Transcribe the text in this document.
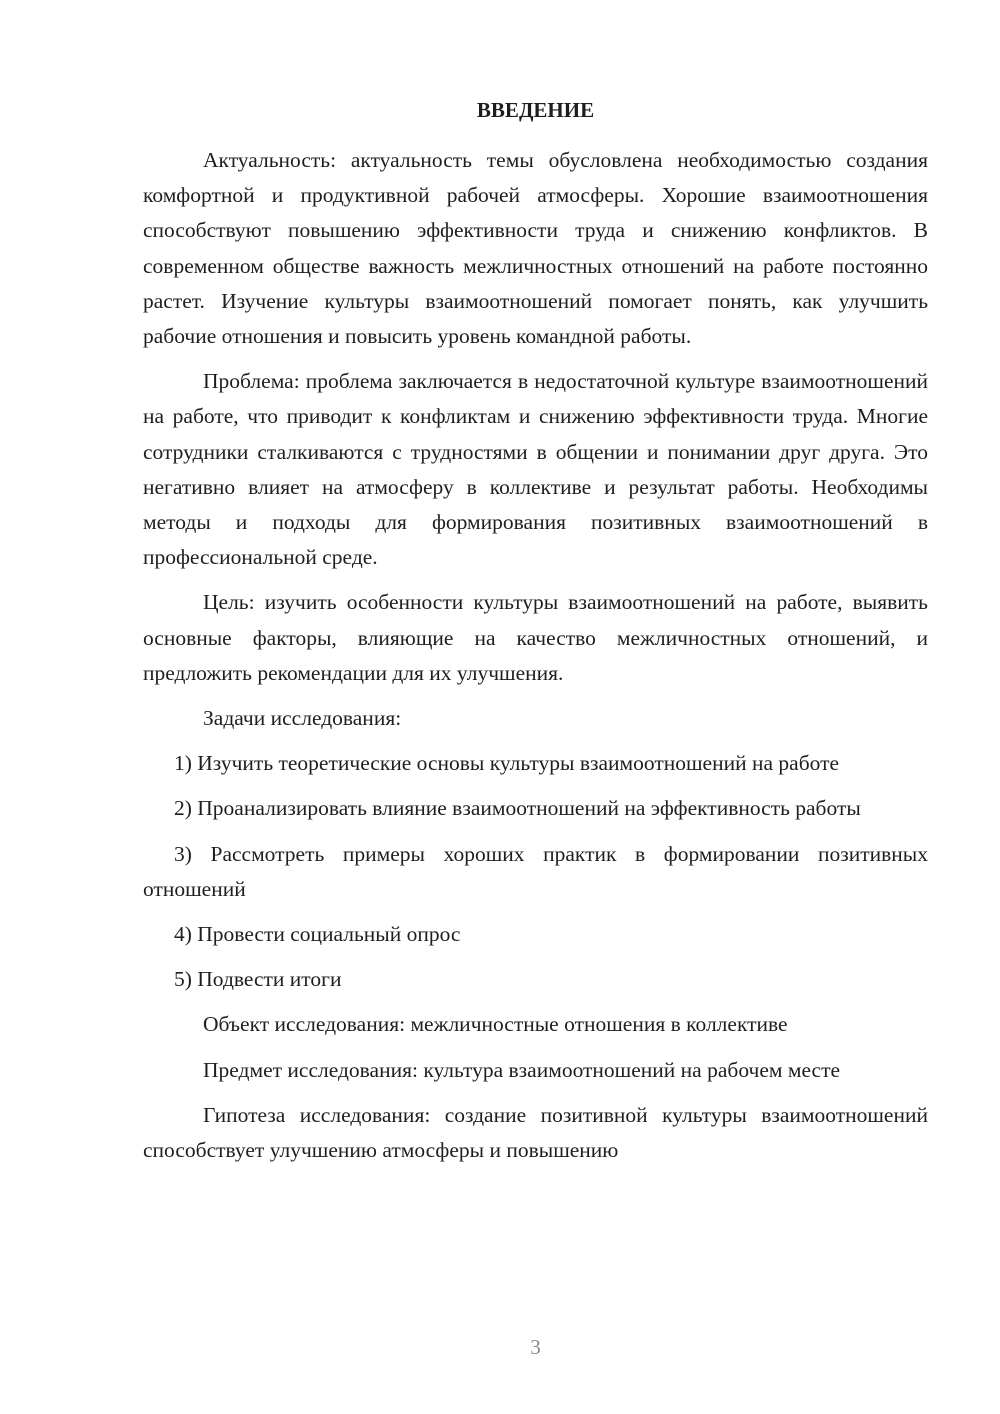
ВВЕДЕНИЕ

Актуальность: актуальность темы обусловлена необходимостью создания комфортной и продуктивной рабочей атмосферы. Хорошие взаимоотношения способствуют повышению эффективности труда и снижению конфликтов. В современном обществе важность межличностных отношений на работе постоянно растет. Изучение культуры взаимоотношений помогает понять, как улучшить рабочие отношения и повысить уровень командной работы.

Проблема: проблема заключается в недостаточной культуре взаимоотношений на работе, что приводит к конфликтам и снижению эффективности труда. Многие сотрудники сталкиваются с трудностями в общении и понимании друг друга. Это негативно влияет на атмосферу в коллективе и результат работы. Необходимы методы и подходы для формирования позитивных взаимоотношений в профессиональной среде.

Цель: изучить особенности культуры взаимоотношений на работе, выявить основные факторы, влияющие на качество межличностных отношений, и предложить рекомендации для их улучшения.

Задачи исследования:

1) Изучить теоретические основы культуры взаимоотношений на работе

2) Проанализировать влияние взаимоотношений на эффективность работы

3) Рассмотреть примеры хороших практик в формировании позитивных отношений

4) Провести социальный опрос

5) Подвести итоги

Объект исследования: межличностные отношения в коллективе

Предмет исследования: культура взаимоотношений на рабочем месте

Гипотеза исследования: создание позитивной культуры взаимоотношений способствует улучшению атмосферы и повышению

3
